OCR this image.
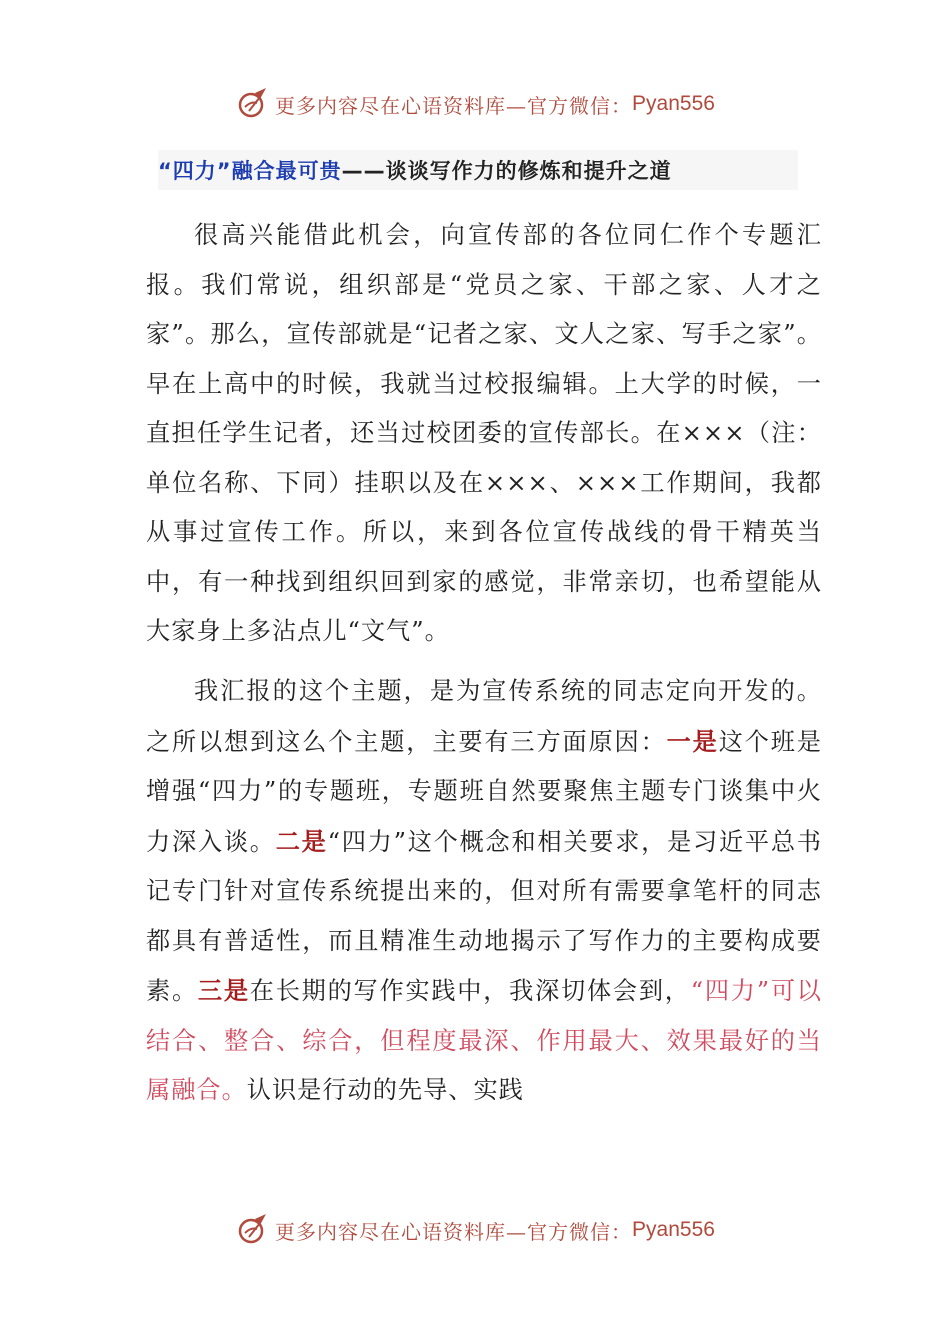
更多内容尽在心语资料库—官方微信： Pyan556
“四力”融合最可贵 ——谈谈写作力的修炼和提升之道

很高兴能借此机会，向宣传部的各位同仁作个专题汇报。我们常说，组织部是“党员之家、干部之家、人才之家”。那么，宣传部就是“记者之家、文人之家、写手之家”。早在上高中的时候，我就当过校报编辑。上大学的时候，一直担任学生记者，还当过校团委的宣传部长。在×××（注：单位名称、下同）挂职以及在×××、×××工作期间，我都从事过宣传工作。所以，来到各位宣传战线的骨干精英当中，有一种找到组织回到家的感觉，非常亲切，也希望能从大家身上多沾点儿“文气”。

我汇报的这个主题，是为宣传系统的同志定向开发的。之所以想到这么个主题，主要有三方面原因：一是这个班是增强“四力”的专题班，专题班自然要聚焦主题专门谈集中火力深入谈。二是“四力”这个概念和相关要求，是习近平总书记专门针对宣传系统提出来的，但对所有需要拿笔杆的同志都具有普适性，而且精准生动地揭示了写作力的主要构成要素。三是在长期的写作实践中，我深切体会到，“四力”可以结合、整合、综合，但程度最深、作用最大、效果最好的当属融合。认识是行动的先导、实践

更多内容尽在心语资料库—官方微信： Pyan556
